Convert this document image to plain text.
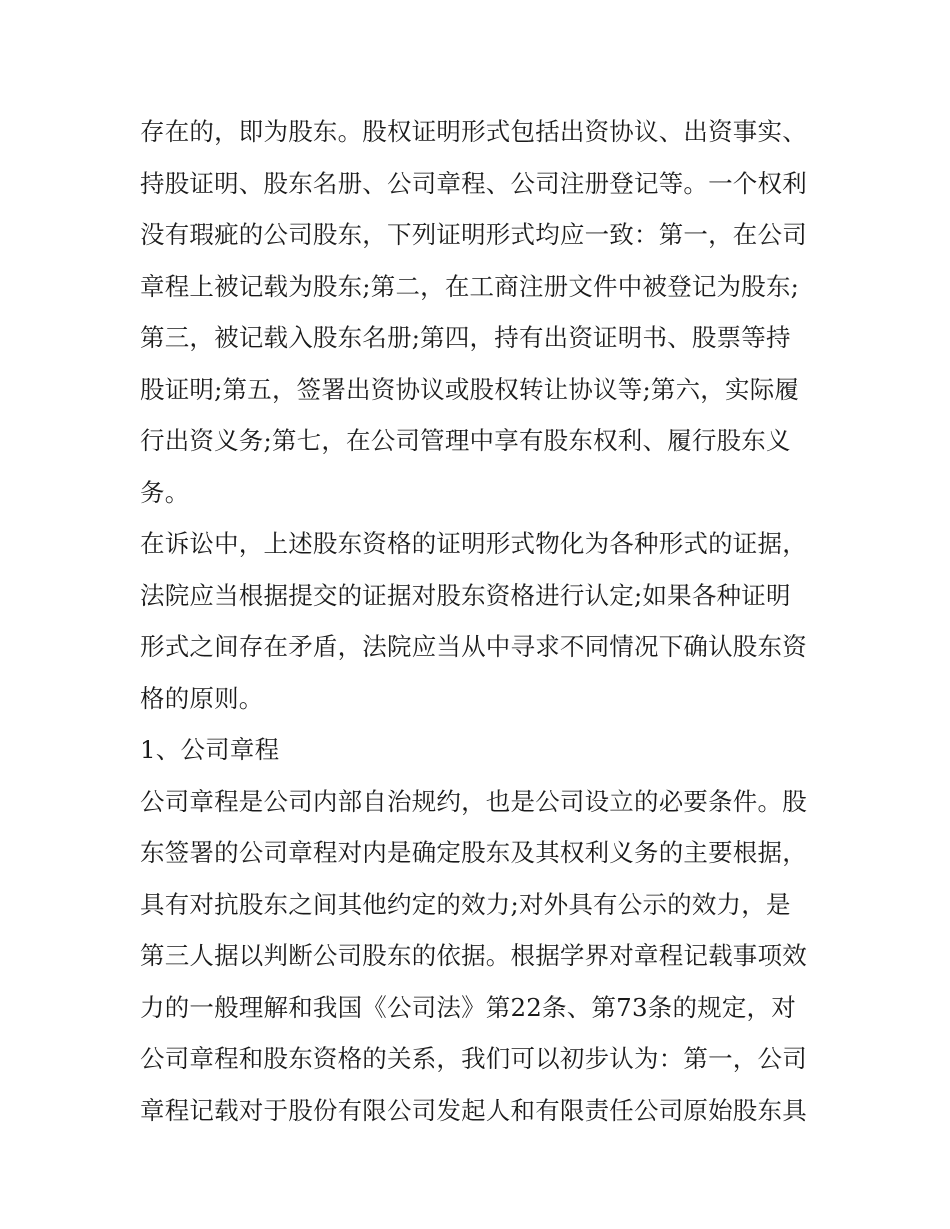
存在的，即为股东。股权证明形式包括出资协议、出资事实、
持股证明、股东名册、公司章程、公司注册登记等。一个权利
没有瑕疵的公司股东，下列证明形式均应一致：第一，在公司
章程上被记载为股东;第二，在工商注册文件中被登记为股东;
第三，被记载入股东名册;第四，持有出资证明书、股票等持
股证明;第五，签署出资协议或股权转让协议等;第六，实际履
行出资义务;第七，在公司管理中享有股东权利、履行股东义
务。
在诉讼中，上述股东资格的证明形式物化为各种形式的证据，
法院应当根据提交的证据对股东资格进行认定;如果各种证明
形式之间存在矛盾，法院应当从中寻求不同情况下确认股东资
格的原则。
1、公司章程
公司章程是公司内部自治规约，也是公司设立的必要条件。股
东签署的公司章程对内是确定股东及其权利义务的主要根据，
具有对抗股东之间其他约定的效力;对外具有公示的效力，是
第三人据以判断公司股东的依据。根据学界对章程记载事项效
力的一般理解和我国《公司法》第22条、第73条的规定，对
公司章程和股东资格的关系，我们可以初步认为：第一，公司
章程记载对于股份有限公司发起人和有限责任公司原始股东具
